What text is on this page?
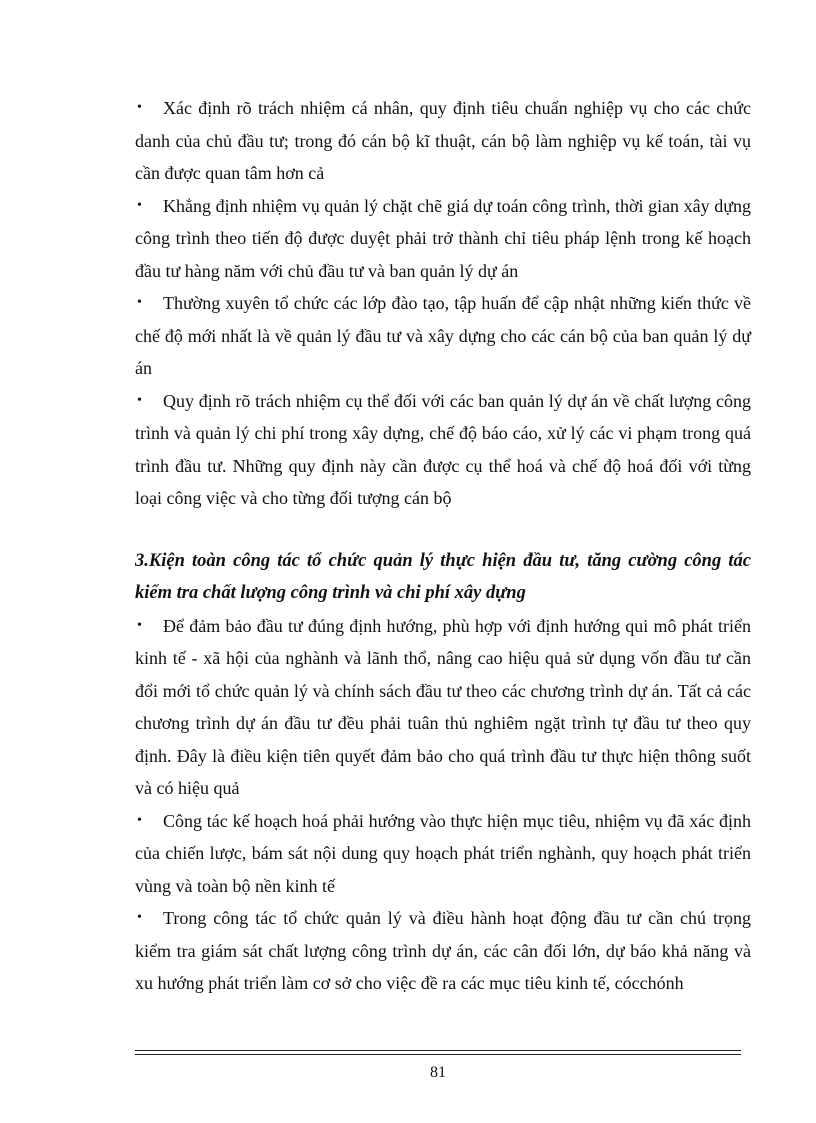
• Xác định rõ trách nhiệm cá nhân, quy định tiêu chuẩn nghiệp vụ cho các chức danh của chủ đầu tư; trong đó cán bộ kĩ thuật, cán bộ làm nghiệp vụ kế toán, tài vụ cần được quan tâm hơn cả

• Khẳng định nhiệm vụ quản lý chặt chẽ giá dự toán công trình, thời gian xây dựng công trình theo tiến độ được duyệt phải trở thành chỉ tiêu pháp lệnh trong kế hoạch đầu tư hàng năm với chủ đầu tư và ban quản lý dự án

• Thường xuyên tổ chức các lớp đào tạo, tập huấn để cập nhật những kiến thức về chế độ mới nhất là về quản lý đầu tư và xây dựng cho các cán bộ của ban quản lý dự án

• Quy định rõ trách nhiệm cụ thể đối với các ban quản lý dự án về chất lượng công trình và quản lý chi phí trong xây dựng, chế độ báo cáo, xử lý các vi phạm trong quá trình đầu tư. Những quy định này cần được cụ thể hoá và chế độ hoá đối với từng loại công việc và cho từng đối tượng cán bộ

3.Kiện toàn công tác tổ chức quản lý thực hiện đầu tư, tăng cường công tác kiểm tra chất lượng công trình và chi phí xây dựng

• Để đảm bảo đầu tư đúng định hướng, phù hợp với định hướng qui mô phát triển kinh tế - xã hội của nghành và lãnh thổ, nâng cao hiệu quả sử dụng vốn đầu tư cần đổi mới tổ chức quản lý và chính sách đầu tư theo các chương trình dự án. Tất cả các chương trình dự án đầu tư đều phải tuân thủ nghiêm ngặt trình tự đầu tư theo quy định. Đây là điều kiện tiên quyết đảm bảo cho quá trình đầu tư thực hiện thông suốt và có hiệu quả

• Công tác kế hoạch hoá phải hướng vào thực hiện mục tiêu, nhiệm vụ đã xác định của chiến lược, bám sát nội dung quy hoạch phát triển nghành, quy hoạch phát triển vùng và toàn bộ nền kinh tế

• Trong công tác tổ chức quản lý và điều hành hoạt động đầu tư cần chú trọng kiểm tra giám sát chất lượng công trình dự án, các cân đối lớn, dự báo khả năng và xu hướng phát triển làm cơ sở cho việc đề ra các mục tiêu kinh tế, cócchónh

81
